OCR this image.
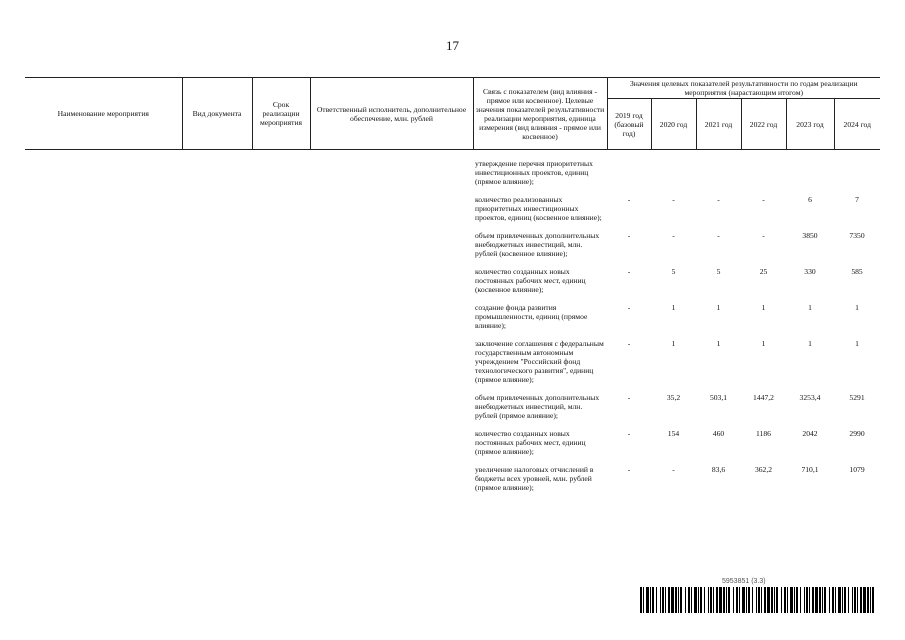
17
Наименование мероприятия	Вид документа	Срок реализации мероприятия	Ответственный исполнитель, дополнительное обеспечение, млн. рублей	Связь с показателем (вид влияния - прямое или косвенное). Целевые значения показателей результативности реализации мероприятия, единица измерения (вид влияния - прямое или косвенное)	Значения целевых показателей результативности по годам реализации мероприятия (нарастающим итогом)					
					2019 год (базовый год)	2020 год	2021 год	2022 год	2023 год	2024 год

				утверждение перечня приоритетных инвестиционных проектов, единиц (прямое влияние);						

				количество реализованных приоритетных инвестиционных проектов, единиц (косвенное влияние);	-	-	-	-	6	7

				объем привлеченных дополнительных внебюджетных инвестиций, млн. рублей (косвенное влияние);	-	-	-	-	3850	7350

				количество созданных новых постоянных рабочих мест, единиц (косвенное влияние);	-	5	5	25	330	585

				создание фонда развития промышленности, единиц (прямое влияние);	-	1	1	1	1	1

				заключение соглашения с федеральным государственным автономным учреждением "Российский фонд технологического развития", единиц (прямое влияние);	-	1	1	1	1	1

				объем привлеченных дополнительных внебюджетных инвестиций, млн. рублей (прямое влияние);	-	35,2	503,1	1447,2	3253,4	5291

				количество созданных новых постоянных рабочих мест, единиц (прямое влияние);	-	154	460	1186	2042	2990

				увеличение налоговых отчислений в бюджеты всех уровней, млн. рублей (прямое влияние);	-	-	83,6	362,2	710,1	1079
5953851 (3.3)
